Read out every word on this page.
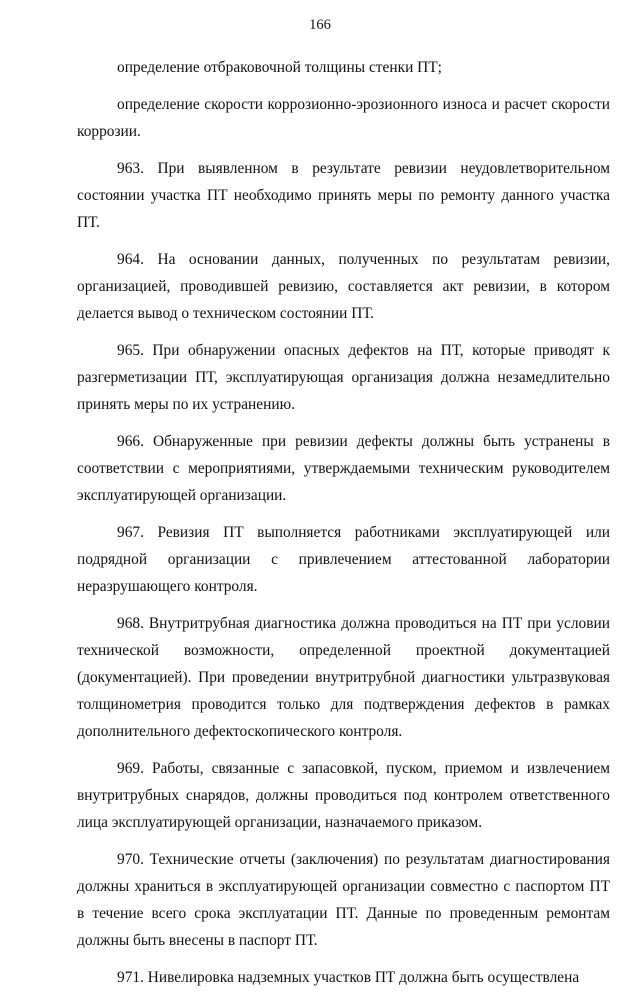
166

определение отбраковочной толщины стенки ПТ;

определение скорости коррозионно-эрозионного износа и расчет скорости коррозии.

963. При выявленном в результате ревизии неудовлетворительном состоянии участка ПТ необходимо принять меры по ремонту данного участка ПТ.

964. На основании данных, полученных по результатам ревизии, организацией, проводившей ревизию, составляется акт ревизии, в котором делается вывод о техническом состоянии ПТ.

965. При обнаружении опасных дефектов на ПТ, которые приводят к разгерметизации ПТ, эксплуатирующая организация должна незамедлительно принять меры по их устранению.

966. Обнаруженные при ревизии дефекты должны быть устранены в соответствии с мероприятиями, утверждаемыми техническим руководителем эксплуатирующей организации.

967. Ревизия ПТ выполняется работниками эксплуатирующей или подрядной организации с привлечением аттестованной лаборатории неразрушающего контроля.

968. Внутритрубная диагностика должна проводиться на ПТ при условии технической возможности, определенной проектной документацией (документацией). При проведении внутритрубной диагностики ультразвуковая толщинометрия проводится только для подтверждения дефектов в рамках дополнительного дефектоскопического контроля.

969. Работы, связанные с запасовкой, пуском, приемом и извлечением внутритрубных снарядов, должны проводиться под контролем ответственного лица эксплуатирующей организации, назначаемого приказом.

970. Технические отчеты (заключения) по результатам диагностирования должны храниться в эксплуатирующей организации совместно с паспортом ПТ в течение всего срока эксплуатации ПТ. Данные по проведенным ремонтам должны быть внесены в паспорт ПТ.

971. Нивелировка надземных участков ПТ должна быть осуществлена
